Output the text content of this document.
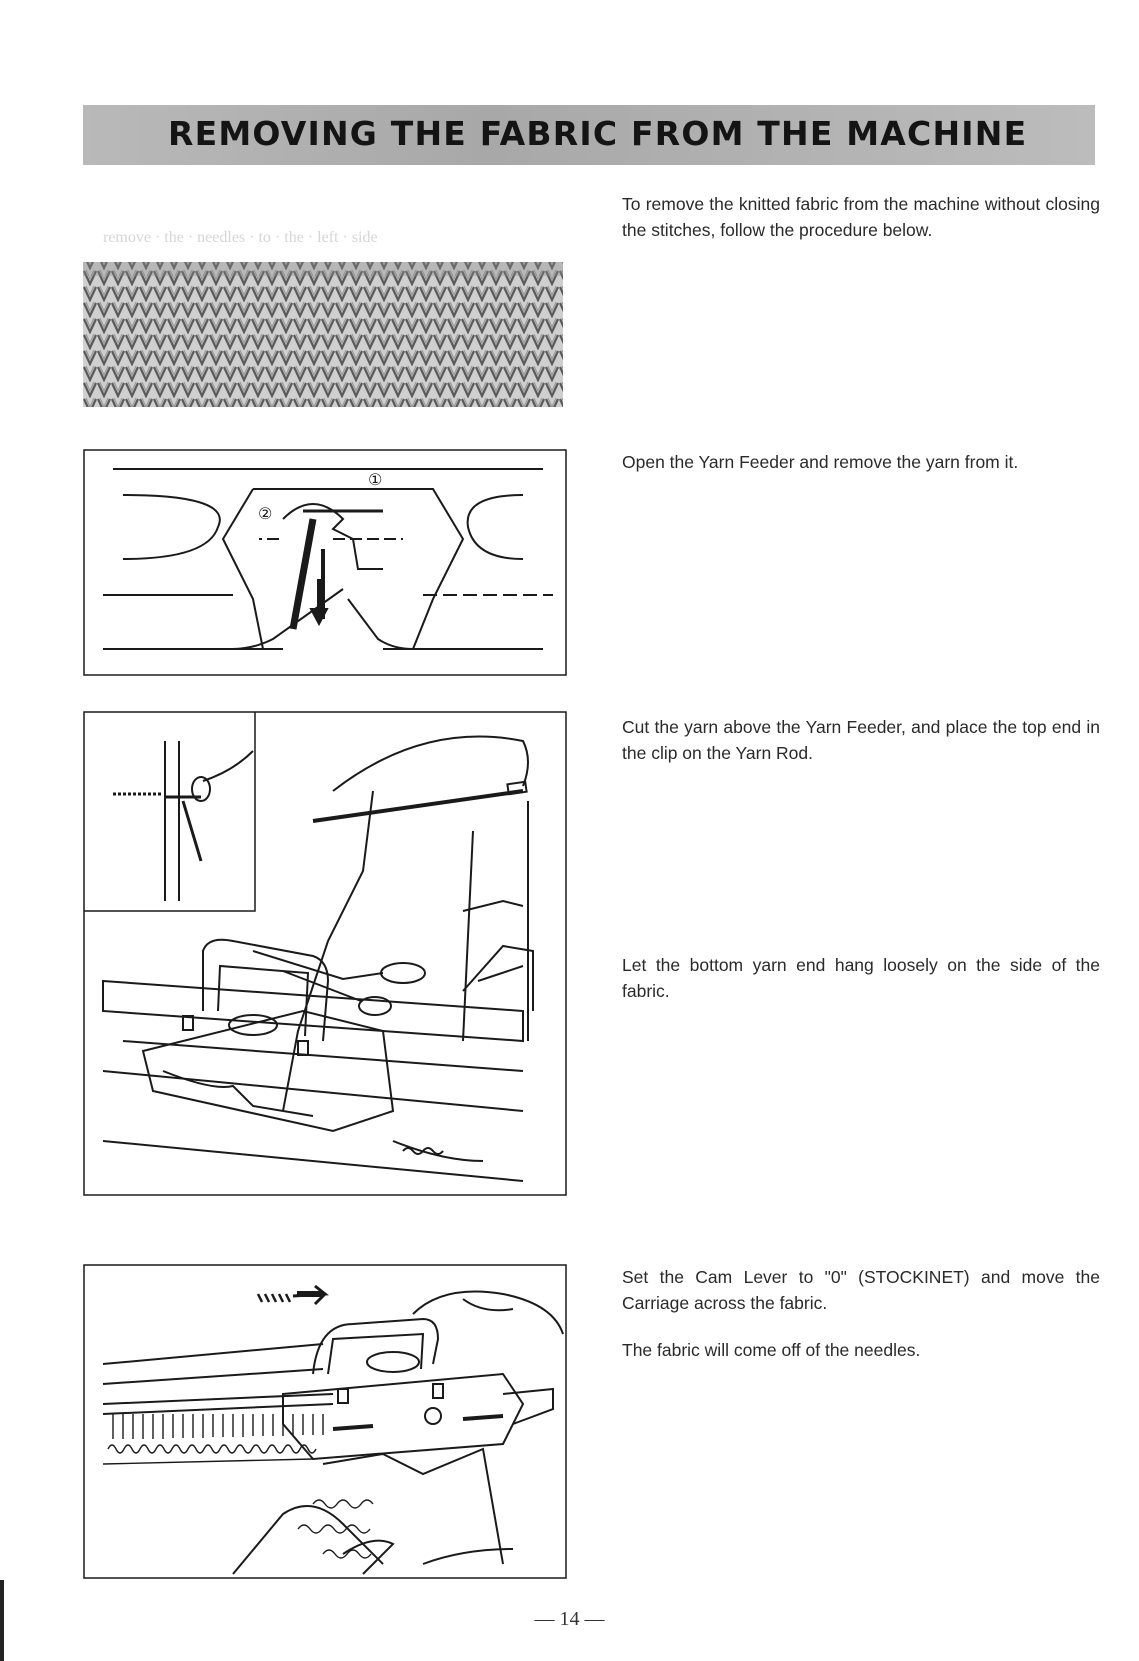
REMOVING THE FABRIC FROM THE MACHINE
remove · the · needles · to · the · left · side
①
②
To remove the knitted fabric from the machine without closing the stitches, follow the procedure below.
Open the Yarn Feeder and remove the yarn from it.
Cut the yarn above the Yarn Feeder, and place the top end in the clip on the Yarn Rod.
Let the bottom yarn end hang loosely on the side of the fabric.
Set the Cam Lever to "0" (STOCKINET) and move the Carriage across the fabric.
The fabric will come off of the needles.
— 14 —
